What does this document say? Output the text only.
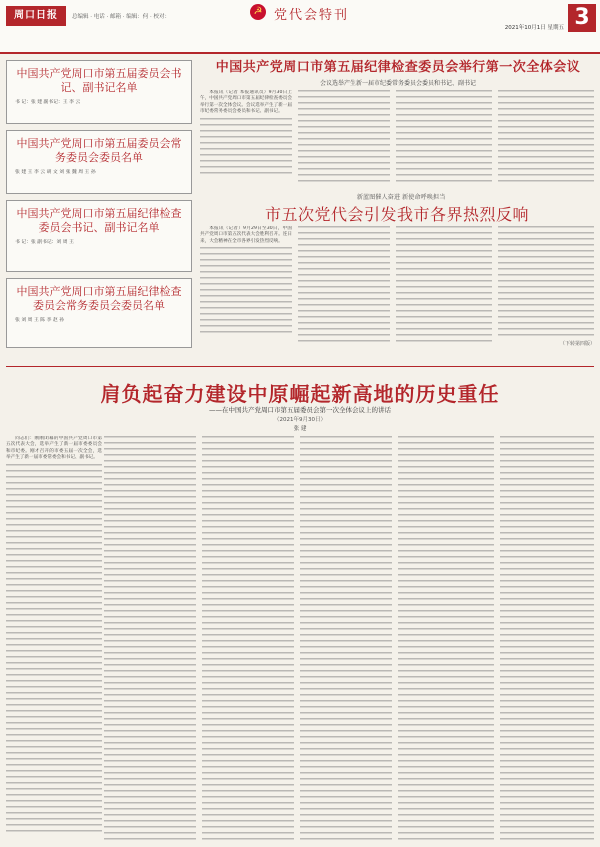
周口日报	总编辑 · 电话 · 邮箱 · 编辑：何 · 校对：	☭ 党代会特刊
2021年10月1日 星期五 3
中国共产党周口市第五届委员会书记、副书记名单

书 记：张 建 副书记：王 李 云

中国共产党周口市第五届委员会常务委员会委员名单

张 建 王 李 云 胡 文 刘 张 魏 周 王 孙

中国共产党周口市第五届纪律检查委员会书记、副书记名单

书 记：张 副书记：刘 周 王

中国共产党周口市第五届纪律检查委员会常务委员会委员名单

张 刘 周 王 陈 李 赵 孙

中国共产党周口市第五届纪律检查委员会举行第一次全体会议
会议选举产生新一届市纪委常务委员会委员和书记、副书记

本报讯（记者 本报通讯员）9月30日上午，中国共产党周口市第五届纪律检查委员会举行第一次全体会议。会议选举产生了新一届市纪委常务委员会委员和书记、副书记。

新蓝图催人奋进 新使命呼唤担当
市五次党代会引发我市各界热烈反响

本报讯（记者）9月29日至30日，中国共产党周口市第五次代表大会胜利召开。连日来，大会精神在全市各界引发热烈反响。

（下转第四版）
肩负起奋力建设中原崛起新高地的历史重任
——在中国共产党周口市第五届委员会第一次全体会议上的讲话
（2021年9月30日）
张 建

同志们：刚刚闭幕的中国共产党周口市第五次代表大会，选举产生了新一届市委委员会和市纪委。刚才召开的市委五届一次全会，选举产生了新一届市委常委会和书记、副书记。
